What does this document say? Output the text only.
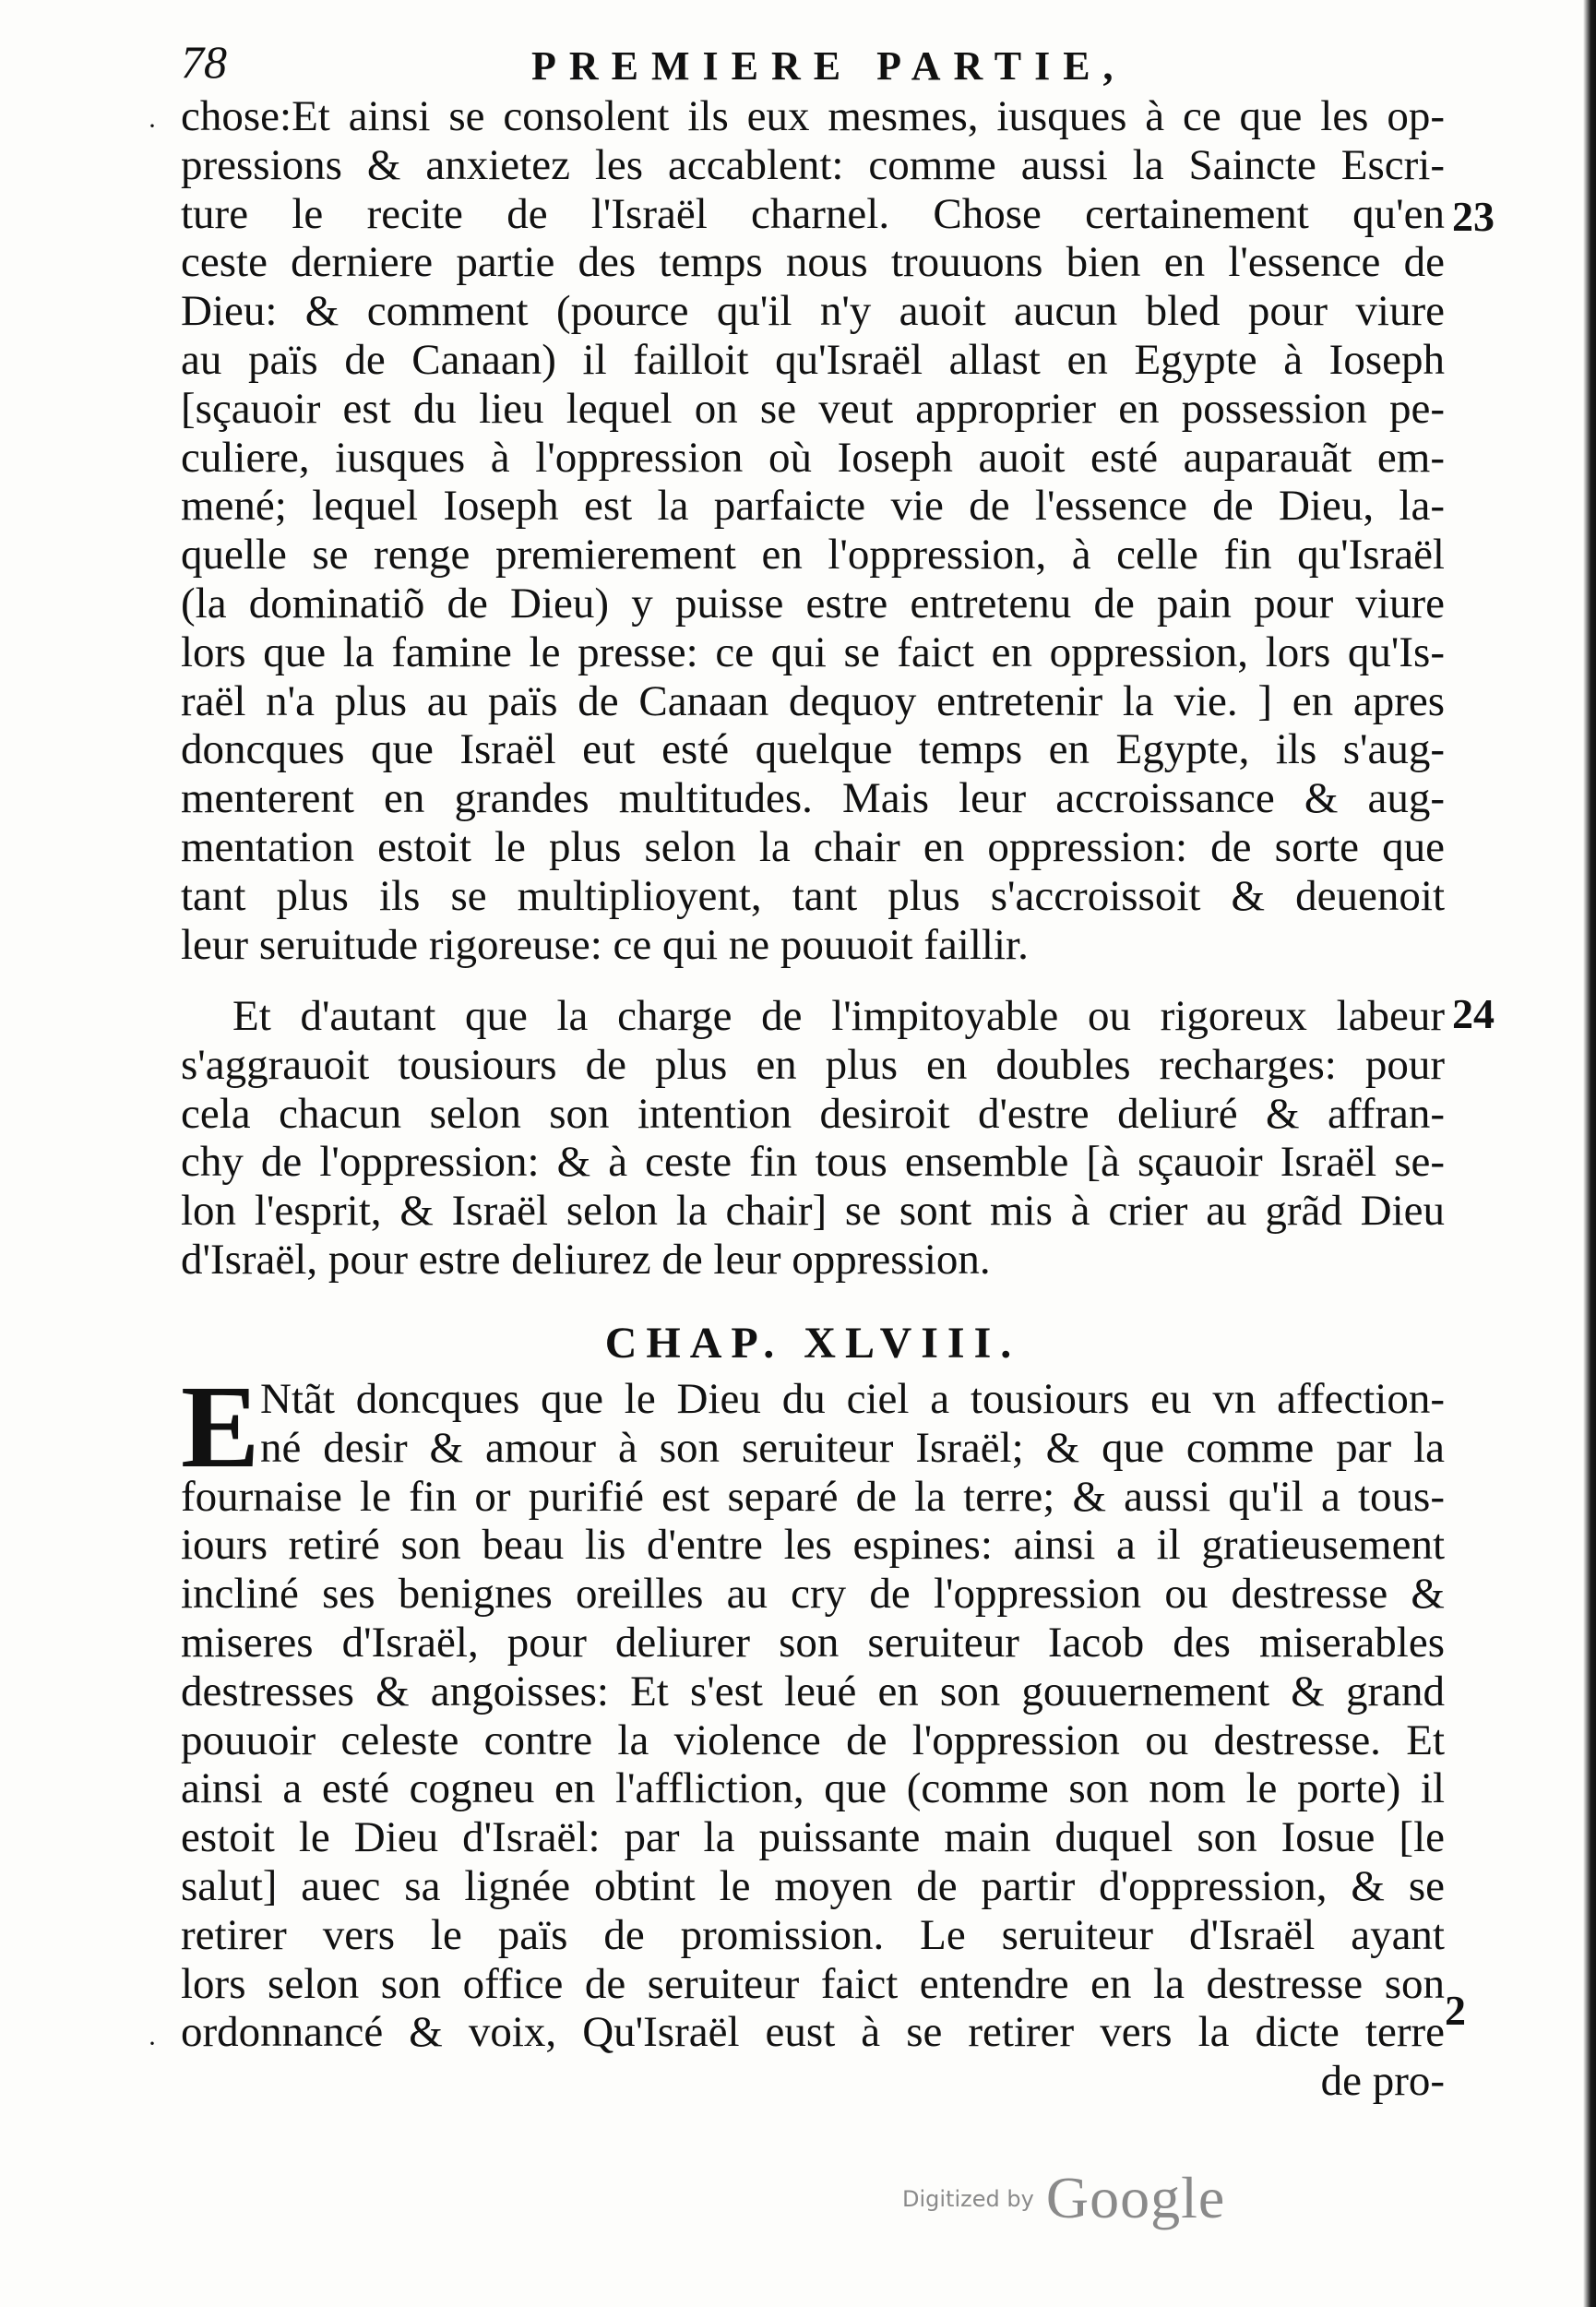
78	PREMIERE PARTIE,
chose:Et ainsi se consolent ils eux mesmes, iusques à ce que les op-
pressions & anxietez les accablent: comme aussi la Saincte Escri-
ture le recite de l'Israël charnel. Chose certainement qu'en
ceste derniere partie des temps nous trouuons bien en l'essence de
Dieu: & comment (pource qu'il n'y auoit aucun bled pour viure
au païs de Canaan) il failloit qu'Israël allast en Egypte à Ioseph
[sçauoir est du lieu lequel on se veut approprier en possession pe-
culiere, iusques à l'oppression où Ioseph auoit esté auparauãt em-
mené; lequel Ioseph est la parfaicte vie de l'essence de Dieu, la-
quelle se renge premierement en l'oppression, à celle fin qu'Israël
(la dominatiõ de Dieu) y puisse estre entretenu de pain pour viure
lors que la famine le presse: ce qui se faict en oppression, lors qu'Is-
raël n'a plus au païs de Canaan dequoy entretenir la vie. ] en apres
doncques que Israël eut esté quelque temps en Egypte, ils s'aug-
menterent en grandes multitudes. Mais leur accroissance & aug-
mentation estoit le plus selon la chair en oppression: de sorte que
tant plus ils se multiplioyent, tant plus s'accroissoit & deuenoit
leur seruitude rigoreuse: ce qui ne pouuoit faillir.
23
Et d'autant que la charge de l'impitoyable ou rigoreux labeur
s'aggrauoit tousiours de plus en plus en doubles recharges: pour
cela chacun selon son intention desiroit d'estre deliuré & affran-
chy de l'oppression: & à ceste fin tous ensemble [à sçauoir Israël se-
lon l'esprit, & Israël selon la chair] se sont mis à crier au grãd Dieu
d'Israël, pour estre deliurez de leur oppression.
24
CHAP. XLVIII.
E Ntãt doncques que le Dieu du ciel a tousiours eu vn affection-
né desir & amour à son seruiteur Israël; & que comme par la
fournaise le fin or purifié est separé de la terre; & aussi qu'il a tous-
iours retiré son beau lis d'entre les espines: ainsi a il gratieusement
incliné ses benignes oreilles au cry de l'oppression ou destresse &
miseres d'Israël, pour deliurer son seruiteur Iacob des miserables
destresses & angoisses: Et s'est leué en son gouuernement & grand
pouuoir celeste contre la violence de l'oppression ou destresse. Et
ainsi a esté cogneu en l'affliction, que (comme son nom le porte) il
estoit le Dieu d'Israël: par la puissante main duquel son Iosue [le
salut] auec sa lignée obtint le moyen de partir d'oppression, & se
retirer vers le païs de promission. Le seruiteur d'Israël ayant
lors selon son office de seruiteur faict entendre en la destresse son
ordonnancé & voix, Qu'Israël eust à se retirer vers la dicte terre
de pro-
2
·
·
Digitized by Google
